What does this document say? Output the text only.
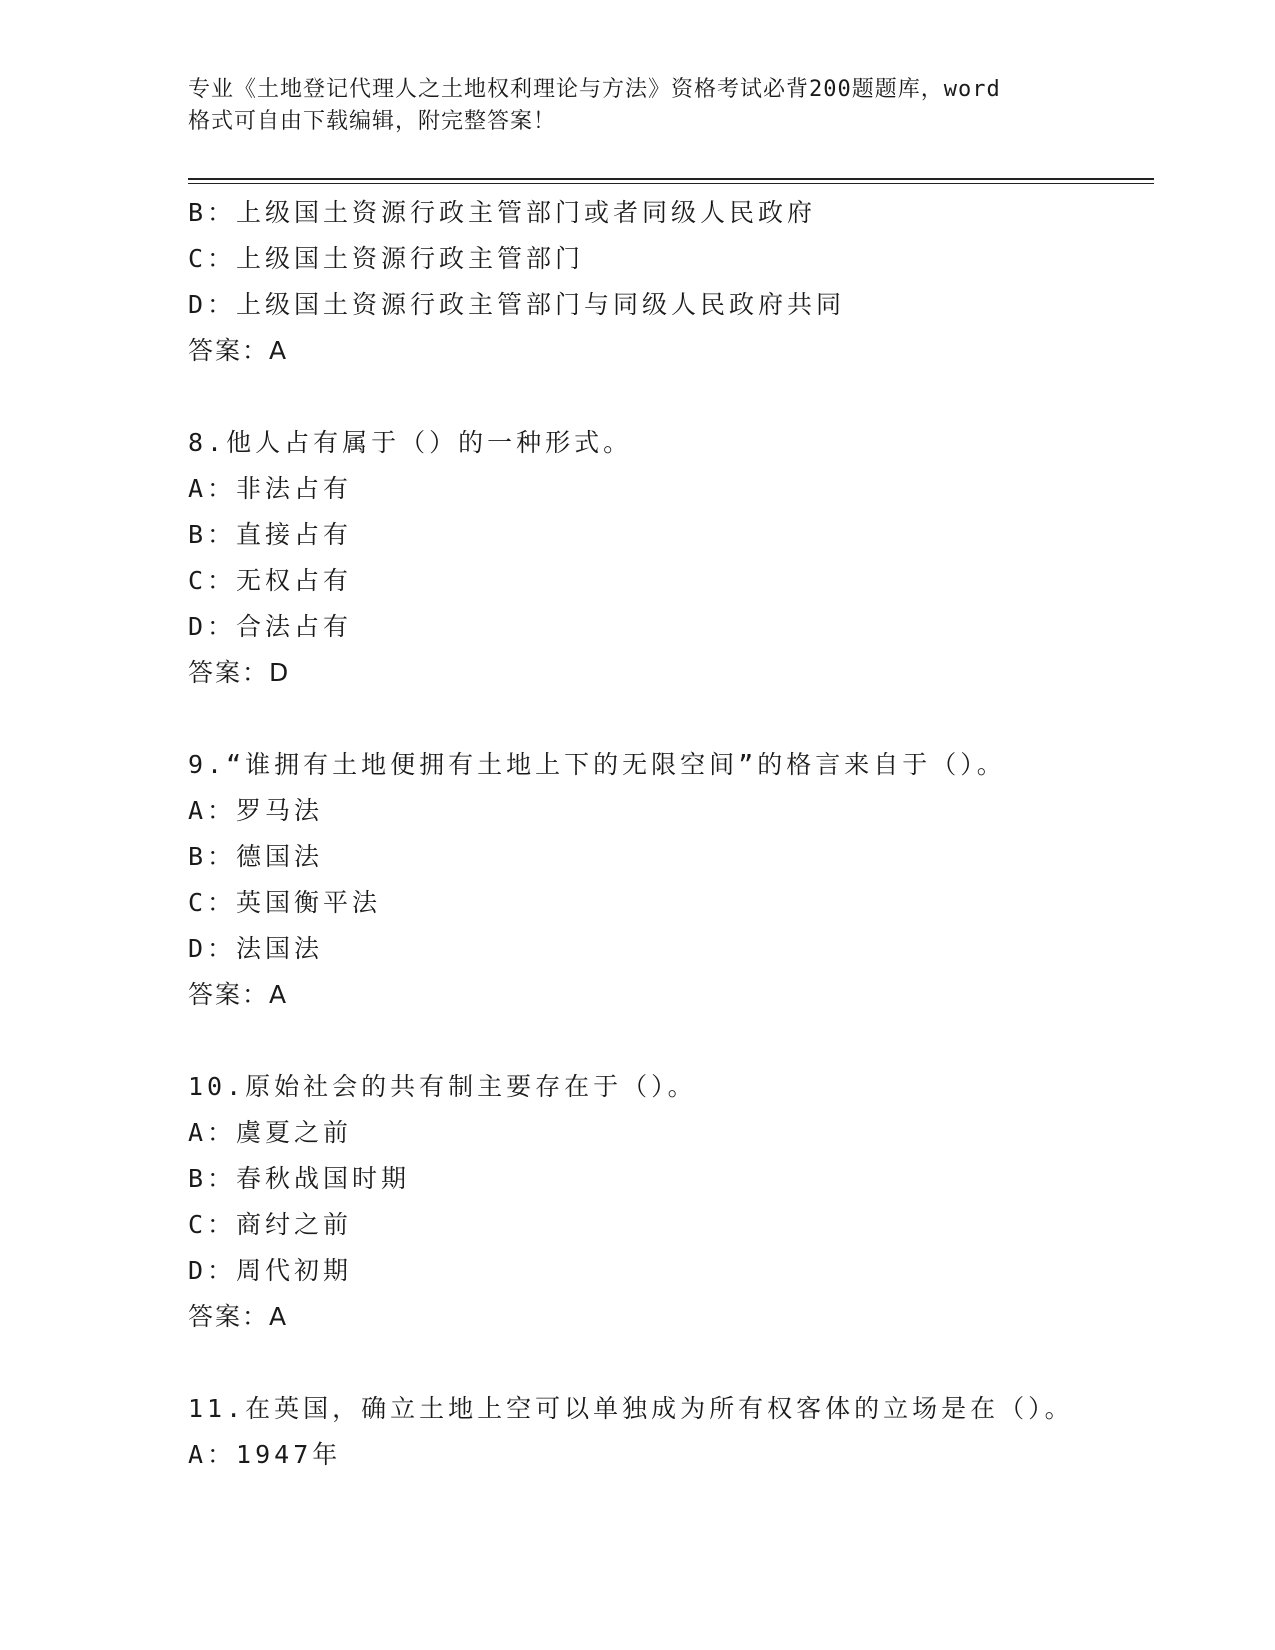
专业《土地登记代理人之土地权利理论与方法》资格考试必背200题题库，word
格式可自由下载编辑，附完整答案！
B：上级国土资源行政主管部门或者同级人民政府
C：上级国土资源行政主管部门
D：上级国土资源行政主管部门与同级人民政府共同
答案：A
8.他人占有属于（）的一种形式。
A：非法占有
B：直接占有
C：无权占有
D：合法占有
答案：D
9.“谁拥有土地便拥有土地上下的无限空间”的格言来自于（）。
A：罗马法
B：德国法
C：英国衡平法
D：法国法
答案：A
10.原始社会的共有制主要存在于（）。
A：虞夏之前
B：春秋战国时期
C：商纣之前
D：周代初期
答案：A
11.在英国，确立土地上空可以单独成为所有权客体的立场是在（）。
A：1947年
